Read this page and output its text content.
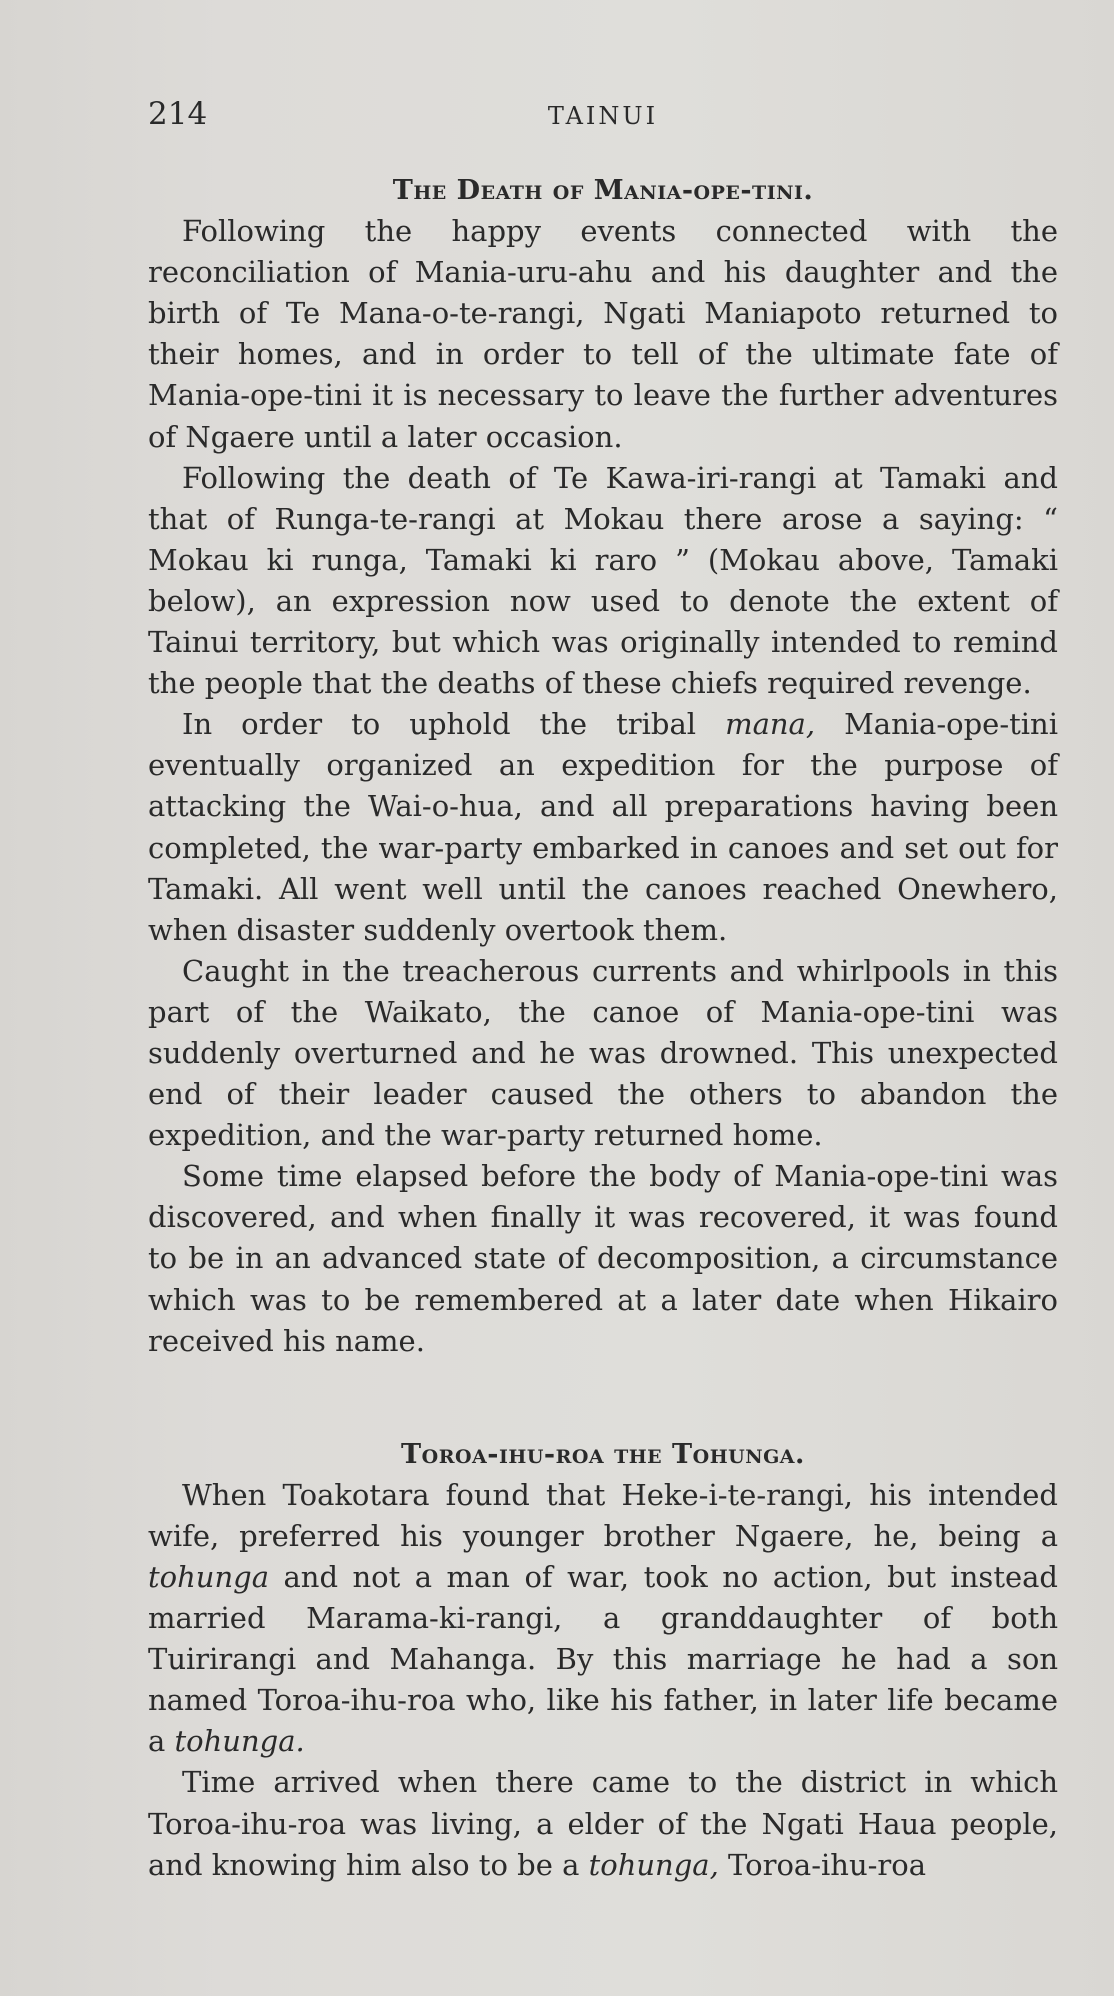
214	TAINUI
The Death of Mania-ope-tini.

Following the happy events connected with the reconciliation of Mania-uru-ahu and his daughter and the birth of Te Mana-o-te-rangi, Ngati Maniapoto returned to their homes, and in order to tell of the ultimate fate of Mania-ope-tini it is necessary to leave the further adventures of Ngaere until a later occasion.

Following the death of Te Kawa-iri-rangi at Tamaki and that of Runga-te-rangi at Mokau there arose a saying: “ Mokau ki runga, Tamaki ki raro ” (Mokau above, Tamaki below), an expression now used to denote the extent of Tainui territory, but which was originally intended to remind the people that the deaths of these chiefs required revenge.

In order to uphold the tribal mana, Mania-ope-tini eventually organized an expedition for the purpose of attacking the Wai-o-hua, and all preparations having been completed, the war-party embarked in canoes and set out for Tamaki. All went well until the canoes reached Onewhero, when disaster suddenly overtook them.

Caught in the treacherous currents and whirlpools in this part of the Waikato, the canoe of Mania-ope-tini was suddenly overturned and he was drowned. This unexpected end of their leader caused the others to abandon the expedition, and the war-party returned home.

Some time elapsed before the body of Mania-ope-tini was discovered, and when finally it was recovered, it was found to be in an advanced state of decomposition, a circumstance which was to be remembered at a later date when Hikairo received his name.

Toroa-ihu-roa the Tohunga.

When Toakotara found that Heke-i-te-rangi, his intended wife, preferred his younger brother Ngaere, he, being a tohunga and not a man of war, took no action, but instead married Marama-ki-rangi, a granddaughter of both Tuirirangi and Mahanga. By this marriage he had a son named Toroa-ihu-roa who, like his father, in later life became a tohunga.

Time arrived when there came to the district in which Toroa-ihu-roa was living, a elder of the Ngati Haua people, and knowing him also to be a tohunga, Toroa-ihu-roa
